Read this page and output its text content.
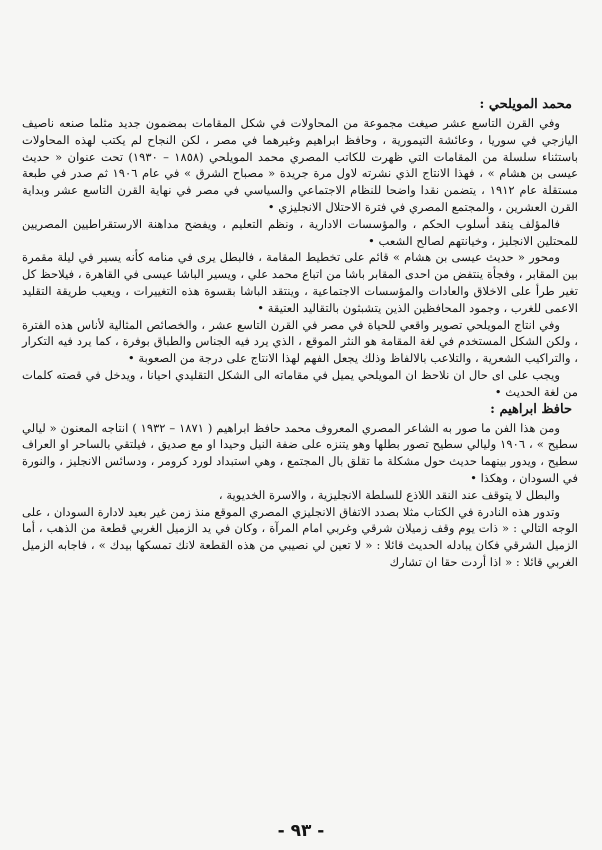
محمد المويلحي :

وفي القرن التاسع عشر صيغت مجموعة من المحاولات في شكل المقامات بمضمون جديد مثلما صنعه ناصيف اليازجي في سوريا ، وعائشة التيمورية ، وحافظ ابراهيم وغيرهما في مصر ، لكن النجاح لم يكتب لهذه المحاولات باستثناء سلسلة من المقامات التي ظهرت للكاتب المصري محمد المويلحي (١٨٥٨ – ١٩٣٠) تحت عنوان « حديث عيسى بن هشام » ، فهذا الانتاج الذي نشرته لاول مرة جريدة « مصباح الشرق » في عام ١٩٠٦ ثم صدر في طبعة مستقلة عام ١٩١٢ ، يتضمن نقدا واضحا للنظام الاجتماعي والسياسي في مصر في نهاية القرن التاسع عشر وبداية القرن العشرين ، والمجتمع المصري في فترة الاحتلال الانجليزي •

فالمؤلف ينقد أسلوب الحكم ، والمؤسسات الادارية ، ونظم التعليم ، ويفضح مداهنة الارستقراطيين المصريين للمحتلين الانجليز ، وخيانتهم لصالح الشعب •

ومحور « حديث عيسى بن هشام » قائم على تخطيط المقامة ، فالبطل يرى في منامه كأنه يسير في ليلة مقمرة بين المقابر ، وفجأة ينتفض من احدى المقابر باشا من اتباع محمد علي ، ويسير الباشا عيسى في القاهرة ، فيلاحظ كل تغير طرأ على الاخلاق والعادات والمؤسسات الاجتماعية ، وينتقد الباشا بقسوة هذه التغييرات ، ويعيب طريقة التقليد الاعمى للغرب ، وجمود المحافظين الذين يتشبثون بالتقاليد العتيقة •

وفي انتاج المويلحي تصوير واقعي للحياة في مصر في القرن التاسع عشر ، والخصائص المثالية لأناس هذه الفترة ، ولكن الشكل المستخدم في لغة المقامة هو النثر الموقع ، الذي يرد فيه الجناس والطباق بوفرة ، كما يرد فيه التكرار ، والتراكيب الشعرية ، والتلاعب بالالفاظ وذلك يجعل الفهم لهذا الانتاج على درجة من الصعوبة •

ويجب على اى حال ان نلاحظ ان المويلحي يميل في مقاماته الى الشكل التقليدي احيانا ، ويدخل في قصته كلمات من لغة الحديث •

حافظ ابراهيم :

ومن هذا الفن ما صور به الشاعر المصري المعروف محمد حافظ ابراهيم ( ١٨٧١ – ١٩٣٢ ) انتاجه المعنون « ليالي سطيح » ، ١٩٠٦ وليالي سطيح تصور بطلها وهو يتنزه على ضفة النيل وحيدا او مع صديق ، فيلتقي بالساحر او العراف سطيح ، ويدور بينهما حديث حول مشكلة ما تقلق بال المجتمع ، وهي استبداد لورد كرومر ، ودسائس الانجليز ، والنورة في السودان ، وهكذا •

والبطل لا يتوقف عند النقد اللاذع للسلطة الانجليزية ، والاسرة الخديوية ،

وتدور هذه النادرة في الكتاب مثلا بصدد الاتفاق الانجليزي المصري الموقع منذ زمن غير بعيد لادارة السودان ، على الوجه التالي : « ذات يوم وقف زميلان شرقي وغربي امام المرآة ، وكان في يد الزميل الغربي قطعة من الذهب ، أما الزميل الشرقي فكان يبادله الحديث قائلا : « لا تعين لي نصيبي من هذه القطعة لانك تمسكها بيدك » ، فاجابه الزميل الغربي قائلا : « اذا أردت حقا ان تشارك

- ٩٣ -
